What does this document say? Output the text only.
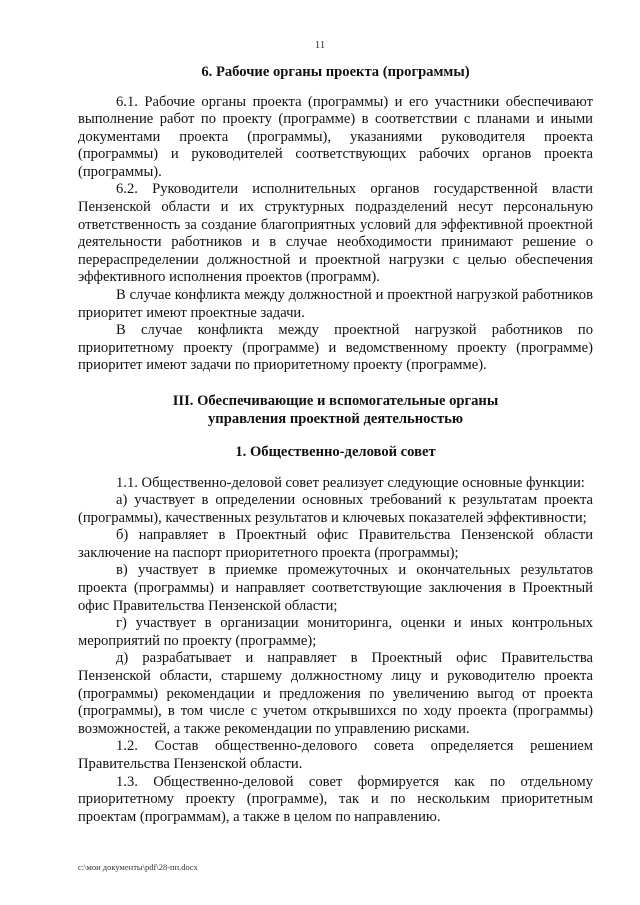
11
6. Рабочие органы проекта (программы)

6.1. Рабочие органы проекта (программы) и его участники обеспечивают выполнение работ по проекту (программе) в соответствии с планами и иными документами проекта (программы), указаниями руководителя проекта (программы) и руководителей соответствующих рабочих органов проекта (программы).

6.2. Руководители исполнительных органов государственной власти Пензенской области и их структурных подразделений несут персональную ответственность за создание благоприятных условий для эффективной проектной деятельности работников и в случае необходимости принимают решение о перераспределении должностной и проектной нагрузки с целью обеспечения эффективного исполнения проектов (программ).

В случае конфликта между должностной и проектной нагрузкой работников приоритет имеют проектные задачи.

В случае конфликта между проектной нагрузкой работников по приоритетному проекту (программе) и ведомственному проекту (программе) приоритет имеют задачи по приоритетному проекту (программе).

III. Обеспечивающие и вспомогательные органы
управления проектной деятельностью
1. Общественно-деловой совет

1.1. Общественно-деловой совет реализует следующие основные функции:

а) участвует в определении основных требований к результатам проекта (программы), качественных результатов и ключевых показателей эффективности;

б) направляет в Проектный офис Правительства Пензенской области заключение на паспорт приоритетного проекта (программы);

в) участвует в приемке промежуточных и окончательных результатов проекта (программы) и направляет соответствующие заключения в Проектный офис Правительства Пензенской области;

г) участвует в организации мониторинга, оценки и иных контрольных мероприятий по проекту (программе);

д) разрабатывает и направляет в Проектный офис Правительства Пензенской области, старшему должностному лицу и руководителю проекта (программы) рекомендации и предложения по увеличению выгод от проекта (программы), в том числе с учетом открывшихся по ходу проекта (программы) возможностей, а также рекомендации по управлению рисками.

1.2. Состав общественно-делового совета определяется решением Правительства Пензенской области.

1.3. Общественно-деловой совет формируется как по отдельному приоритетному проекту (программе), так и по нескольким приоритетным проектам (программам), а также в целом по направлению.

c:\мои документы\pdf\28-пп.docx
